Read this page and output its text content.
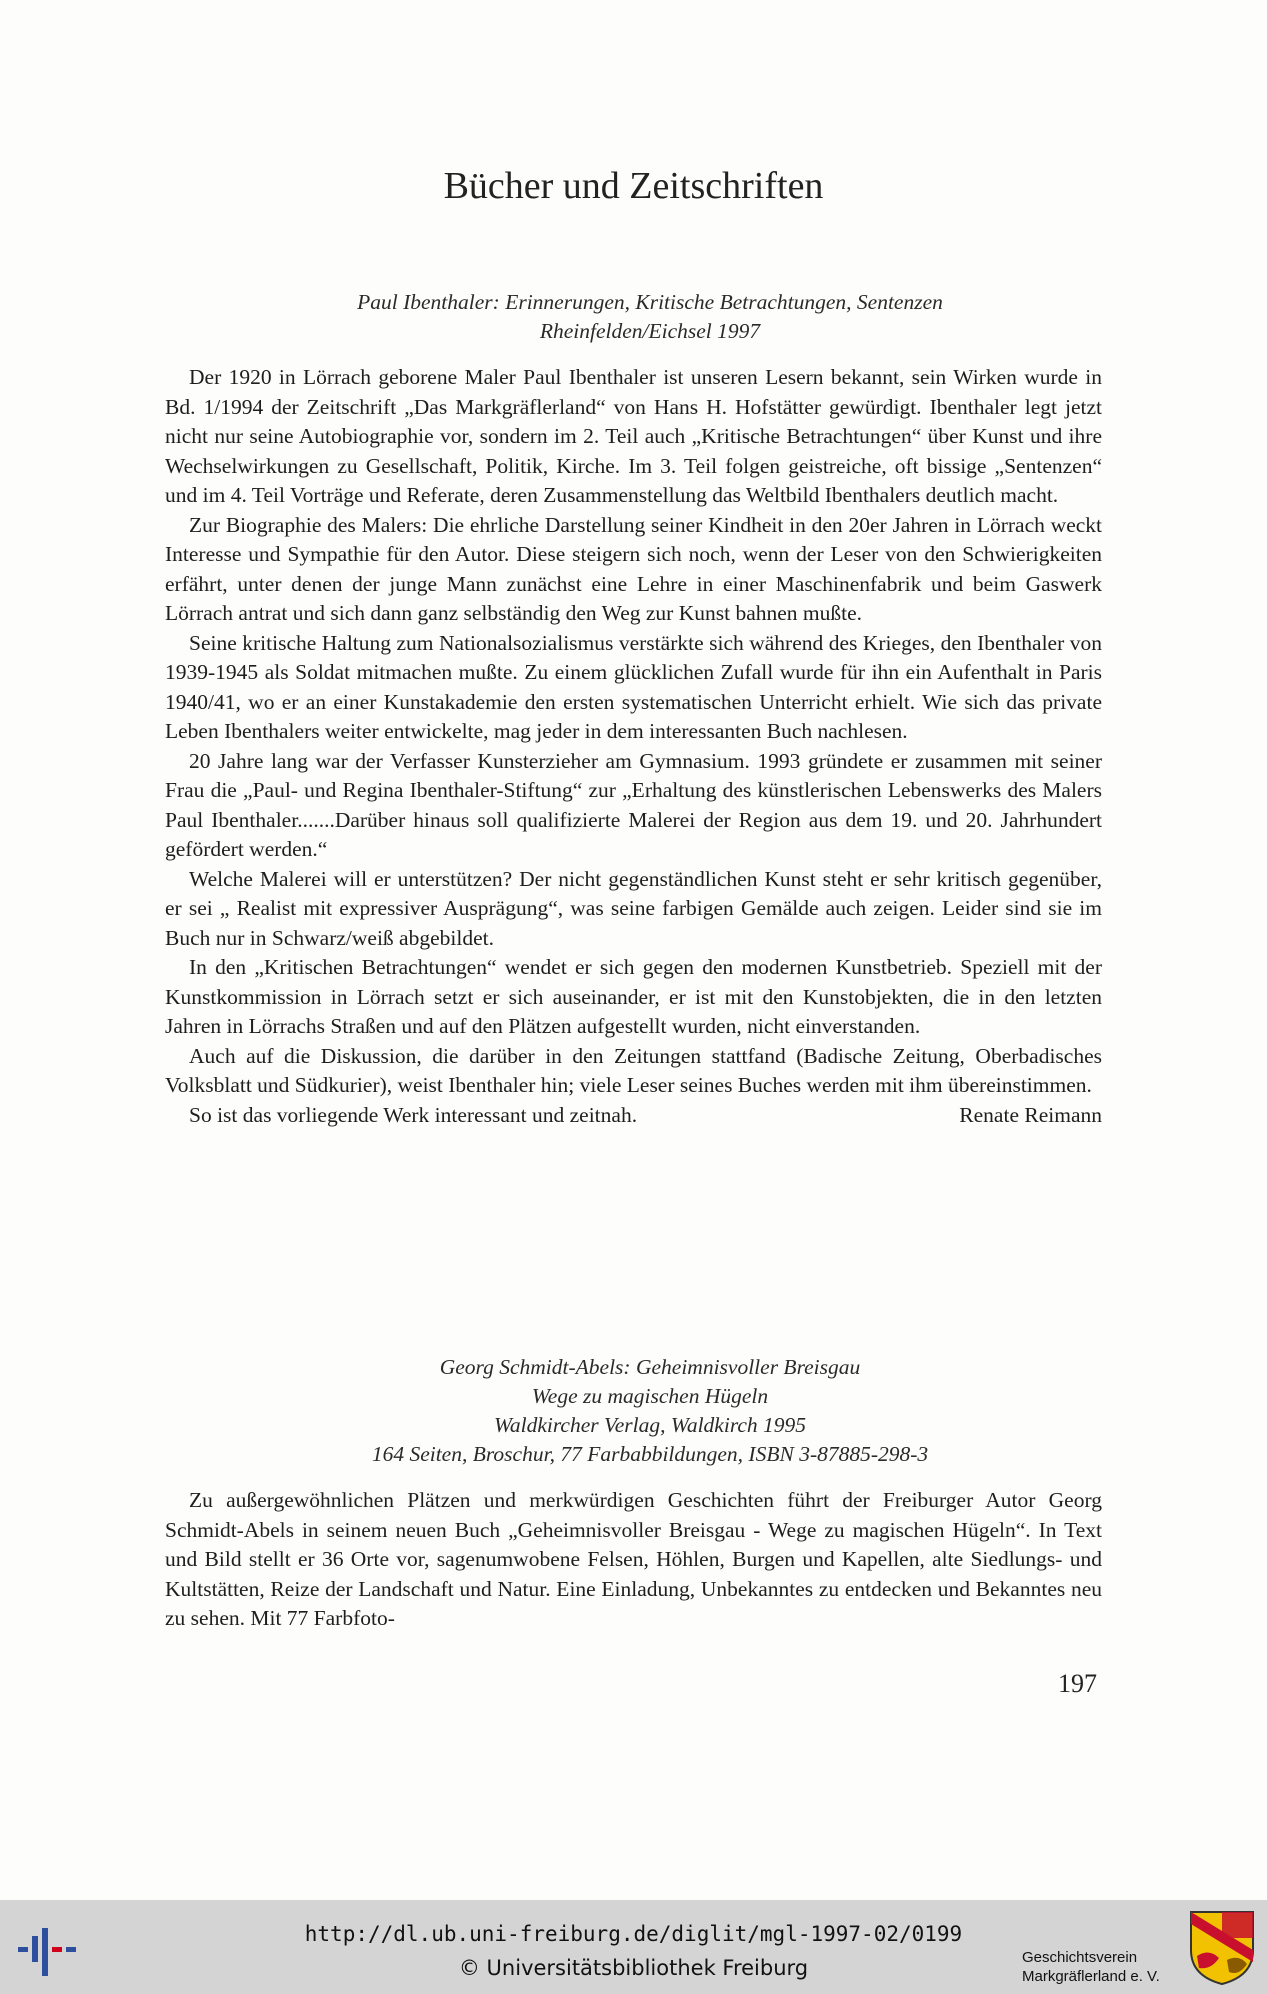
Bücher und Zeitschriften
Paul Ibenthaler: Erinnerungen, Kritische Betrachtungen, Sentenzen
Rheinfelden/Eichsel 1997

Der 1920 in Lörrach geborene Maler Paul Ibenthaler ist unseren Lesern bekannt, sein Wirken wurde in Bd. 1/1994 der Zeitschrift „Das Markgräflerland“ von Hans H. Hofstätter gewürdigt. Ibenthaler legt jetzt nicht nur seine Autobiographie vor, sondern im 2. Teil auch „Kritische Betrachtungen“ über Kunst und ihre Wechselwirkungen zu Gesellschaft, Politik, Kirche. Im 3. Teil folgen geistreiche, oft bissige „Sentenzen“ und im 4. Teil Vorträge und Referate, deren Zusammenstellung das Weltbild Ibenthalers deutlich macht.

Zur Biographie des Malers: Die ehrliche Darstellung seiner Kindheit in den 20er Jahren in Lörrach weckt Interesse und Sympathie für den Autor. Diese steigern sich noch, wenn der Leser von den Schwierigkeiten erfährt, unter denen der junge Mann zunächst eine Lehre in einer Maschinenfabrik und beim Gaswerk Lörrach antrat und sich dann ganz selbständig den Weg zur Kunst bahnen mußte.

Seine kritische Haltung zum Nationalsozialismus verstärkte sich während des Krieges, den Ibenthaler von 1939-1945 als Soldat mitmachen mußte. Zu einem glücklichen Zufall wurde für ihn ein Aufenthalt in Paris 1940/41, wo er an einer Kunstakademie den ersten systematischen Unterricht erhielt. Wie sich das private Leben Ibenthalers weiter entwickelte, mag jeder in dem interessanten Buch nachlesen.

20 Jahre lang war der Verfasser Kunsterzieher am Gymnasium. 1993 gründete er zusammen mit seiner Frau die „Paul- und Regina Ibenthaler-Stiftung“ zur „Erhaltung des künstlerischen Lebenswerks des Malers Paul Ibenthaler.......Darüber hinaus soll qualifizierte Malerei der Region aus dem 19. und 20. Jahrhundert gefördert werden.“

Welche Malerei will er unterstützen? Der nicht gegenständlichen Kunst steht er sehr kritisch gegenüber, er sei „ Realist mit expressiver Ausprägung“, was seine farbigen Gemälde auch zeigen. Leider sind sie im Buch nur in Schwarz/weiß abgebildet.

In den „Kritischen Betrachtungen“ wendet er sich gegen den modernen Kunstbetrieb. Speziell mit der Kunstkommission in Lörrach setzt er sich auseinander, er ist mit den Kunstobjekten, die in den letzten Jahren in Lörrachs Straßen und auf den Plätzen aufgestellt wurden, nicht einverstanden.

Auch auf die Diskussion, die darüber in den Zeitungen stattfand (Badische Zeitung, Oberbadisches Volksblatt und Südkurier), weist Ibenthaler hin; viele Leser seines Buches werden mit ihm übereinstimmen.

So ist das vorliegende Werk interessant und zeitnah.	Renate Reimann
Georg Schmidt-Abels: Geheimnisvoller Breisgau
Wege zu magischen Hügeln
Waldkircher Verlag, Waldkirch 1995
164 Seiten, Broschur, 77 Farbabbildungen, ISBN 3-87885-298-3

Zu außergewöhnlichen Plätzen und merkwürdigen Geschichten führt der Freiburger Autor Georg Schmidt-Abels in seinem neuen Buch „Geheimnisvoller Breisgau - Wege zu magischen Hügeln“. In Text und Bild stellt er 36 Orte vor, sagenumwobene Felsen, Höhlen, Burgen und Kapellen, alte Siedlungs- und Kultstätten, Reize der Landschaft und Natur. Eine Einladung, Unbekanntes zu entdecken und Bekanntes neu zu sehen. Mit 77 Farbfoto-

197
http://dl.ub.uni-freiburg.de/diglit/mgl-1997-02/0199
© Universitätsbibliothek Freiburg	Geschichtsverein
Markgräflerland e. V.
